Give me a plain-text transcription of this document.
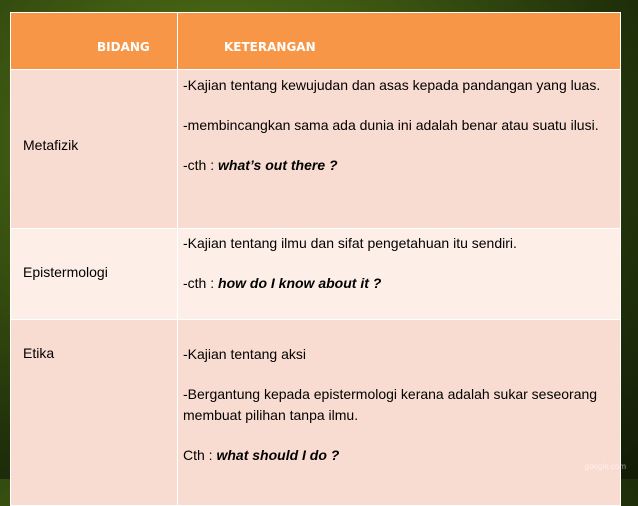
BIDANG	KETERANGAN
Metafizik	-Kajian tentang kewujudan dan asas kepada pandangan yang luas.

-membincangkan sama ada dunia ini adalah benar atau suatu ilusi.

-cth : what’s out there ?

Epistermologi	-Kajian tentang ilmu dan sifat pengetahuan itu sendiri.

-cth : how do I know about it ?

Etika	-Kajian tentang aksi

-Bergantung kepada epistermologi kerana adalah sukar seseorang membuat pilihan tanpa ilmu.

Cth : what should I do ?

google.com
